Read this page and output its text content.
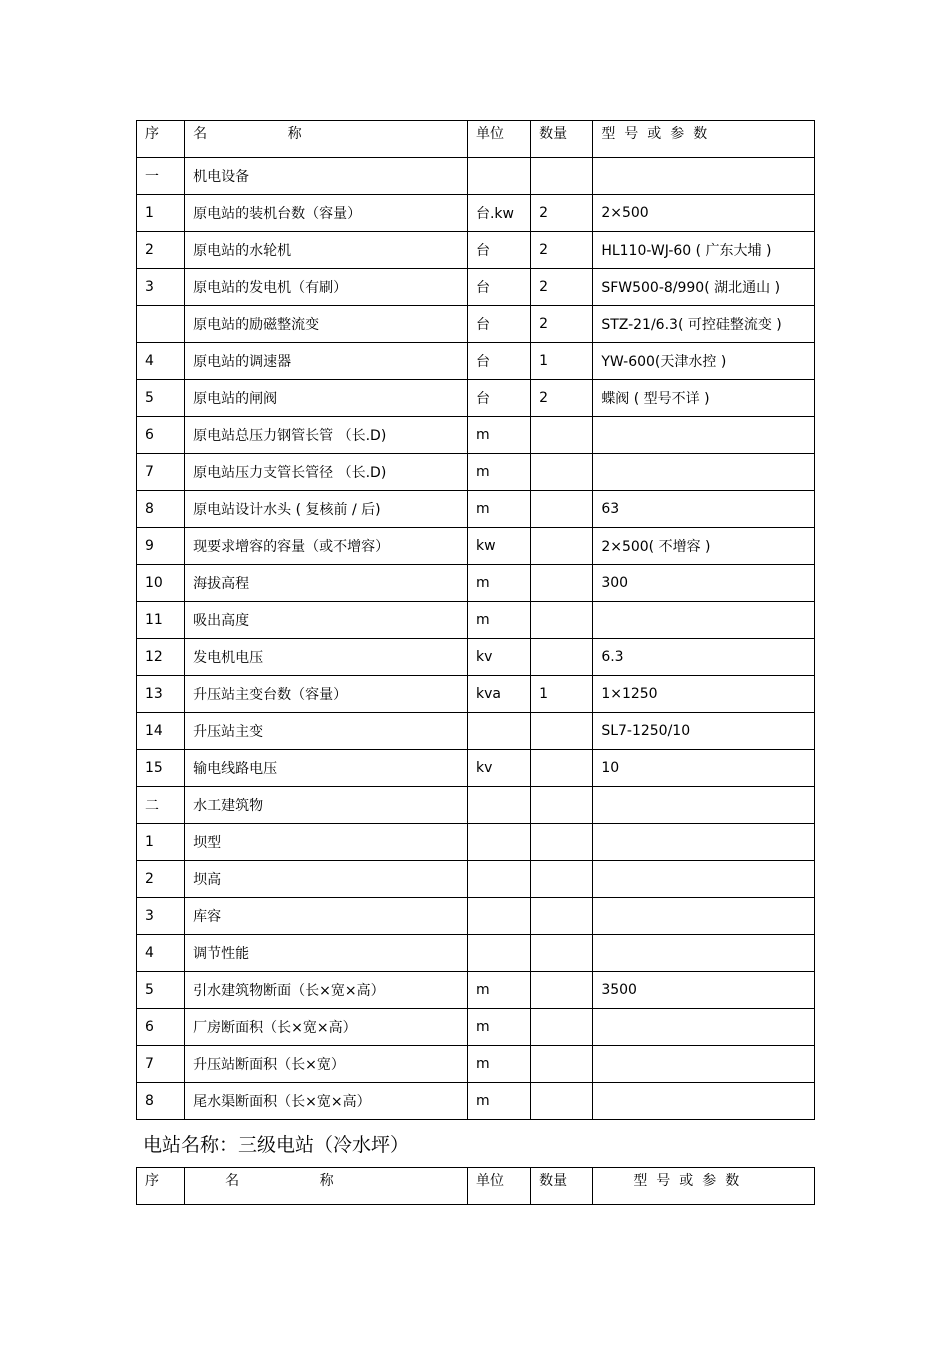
序	名 称	单位	数量	型号或参数
一	机电设备			
1	原电站的装机台数（容量）	台.kw	2	2×500
2	原电站的水轮机	台	2	HL110-WJ-60 ( 广东大埔 )
3	原电站的发电机（有刷）	台	2	SFW500-8/990( 湖北通山 )
	原电站的励磁整流变	台	2	STZ-21/6.3( 可控硅整流变 )
4	原电站的调速器	台	1	YW-600(天津水控 )
5	原电站的闸阀	台	2	蝶阀 ( 型号不详 )
6	原电站总压力钢管长管 （长.D)	m		
7	原电站压力支管长管径 （长.D)	m		
8	原电站设计水头 ( 复核前 / 后)	m		63
9	现要求增容的容量（或不增容）	kw		2×500( 不增容 )
10	海拔高程	m		300
11	吸出高度	m		
12	发电机电压	kv		6.3
13	升压站主变台数（容量）	kva	1	1×1250
14	升压站主变			SL7-1250/10
15	输电线路电压	kv		10
二	水工建筑物			
1	坝型			
2	坝高			
3	库容			
4	调节性能			
5	引水建筑物断面（长×宽×高）	m		3500
6	厂房断面积（长×宽×高）	m		
7	升压站断面积（长×宽）	m		
8	尾水渠断面积（长×宽×高）	m		
电站名称：三级电站（冷水坪）
序	名 称	单位	数量	型号或参数
